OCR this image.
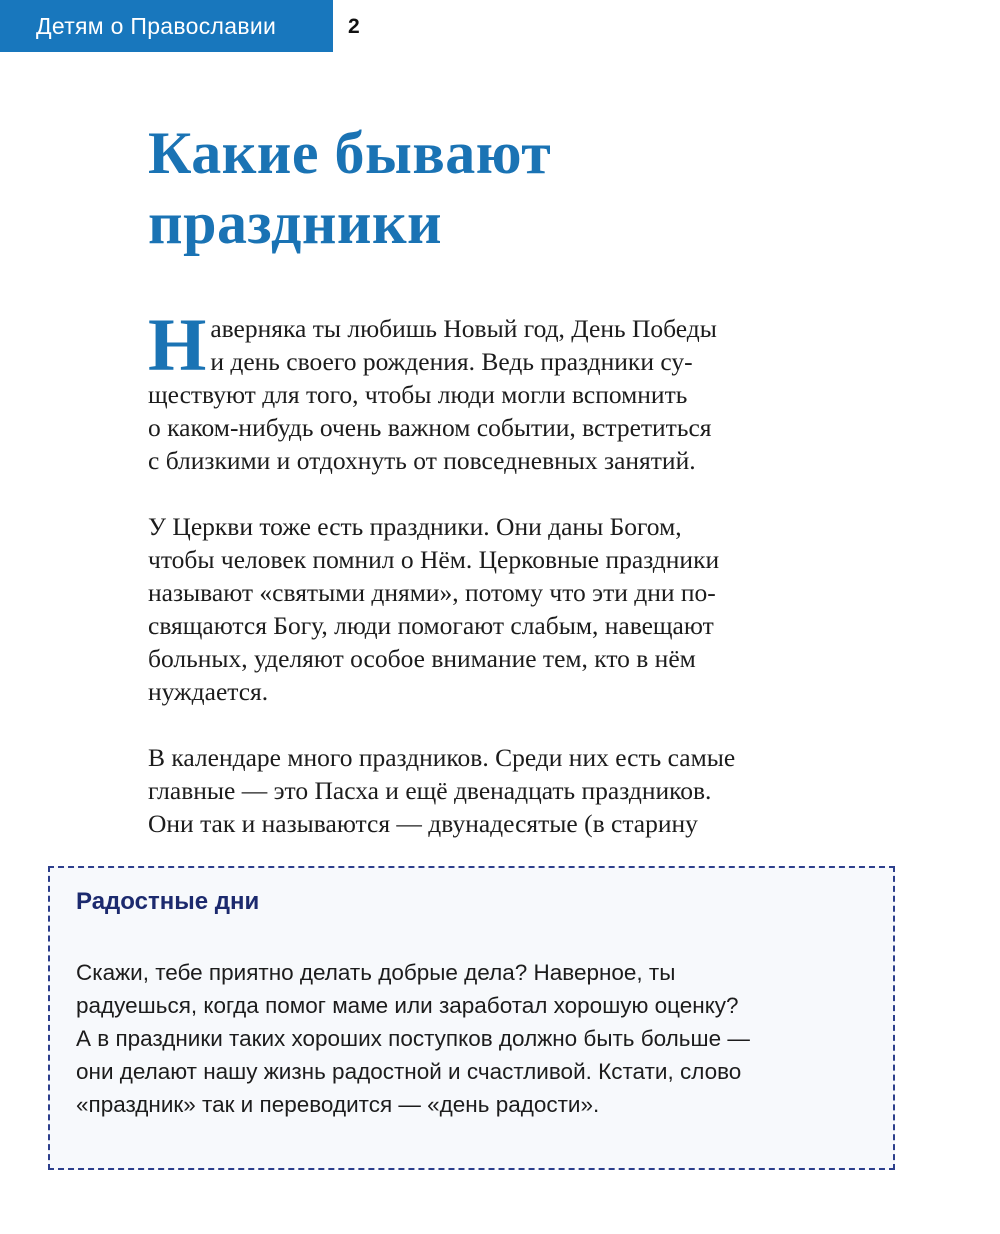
Детям о Православии	2
Какие бывают
праздники

Наверняка ты любишь Новый год, День Победы
и день своего рождения. Ведь праздники су-
ществуют для того, чтобы люди могли вспомнить
о каком-нибудь очень важном событии, встретиться
с близкими и отдохнуть от повседневных занятий.

У Церкви тоже есть праздники. Они даны Богом,
чтобы человек помнил о Нём. Церковные праздники
называют «святыми днями», потому что эти дни по-
свящаются Богу, люди помогают слабым, навещают
больных, уделяют особое внимание тем, кто в нём
нуждается.

В календаре много праздников. Среди них есть самые
главные — это Пасха и ещё двенадцать праздников.
Они так и называются — двунадесятые (в старину

Радостные дни
Скажи, тебе приятно делать добрые дела? Наверное, ты
радуешься, когда помог маме или заработал хорошую оценку?
А в праздники таких хороших поступков должно быть больше —
они делают нашу жизнь радостной и счастливой. Кстати, слово
«праздник» так и переводится — «день радости».
